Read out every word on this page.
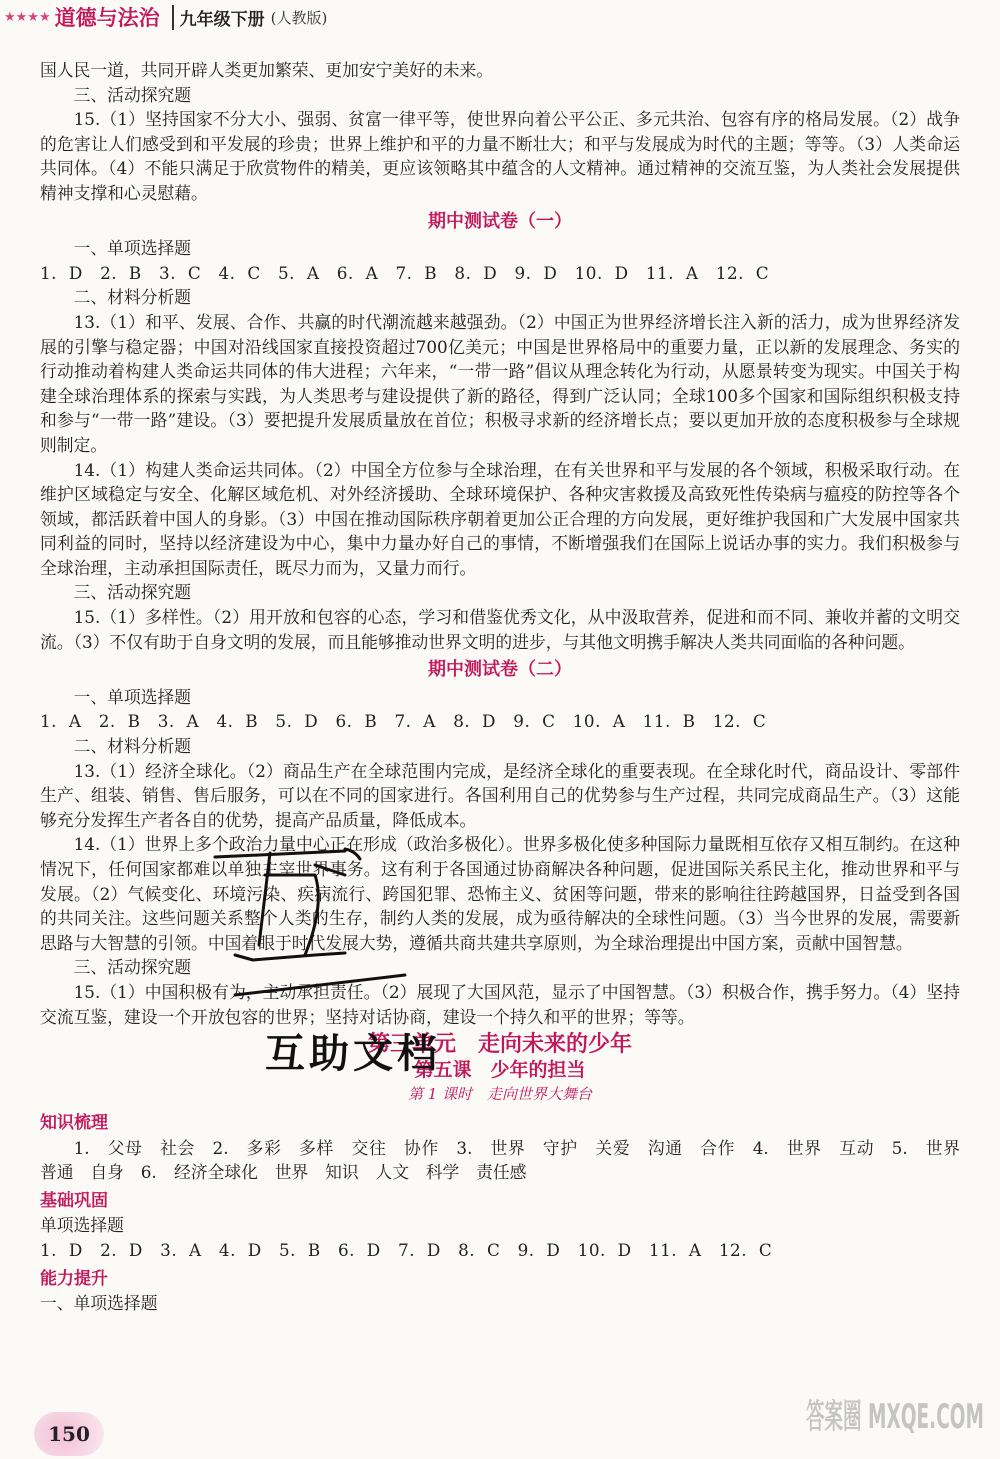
★★★★ 道德与法治	九年级下册 (人教版)

国人民一道，共同开辟人类更加繁荣、更加安宁美好的未来。

三、活动探究题

15.（1）坚持国家不分大小、强弱、贫富一律平等，使世界向着公平公正、多元共治、包容有序的格局发展。（2）战争的危害让人们感受到和平发展的珍贵；世界上维护和平的力量不断壮大；和平与发展成为时代的主题；等等。（3）人类命运共同体。（4）不能只满足于欣赏物件的精美，更应该领略其中蕴含的人文精神。通过精神的交流互鉴，为人类社会发展提供精神支撑和心灵慰藉。

期中测试卷（一）

一、单项选择题

1. D　2. B　3. C　4. C　5. A　6. A　7. B　8. D　9. D　10. D　11. A　12. C

二、材料分析题

13.（1）和平、发展、合作、共赢的时代潮流越来越强劲。（2）中国正为世界经济增长注入新的活力，成为世界经济发展的引擎与稳定器；中国对沿线国家直接投资超过700亿美元；中国是世界格局中的重要力量，正以新的发展理念、务实的行动推动着构建人类命运共同体的伟大进程；六年来，“一带一路”倡议从理念转化为行动，从愿景转变为现实。中国关于构建全球治理体系的探索与实践，为人类思考与建设提供了新的路径，得到广泛认同；全球100多个国家和国际组织积极支持和参与“一带一路”建设。（3）要把提升发展质量放在首位；积极寻求新的经济增长点；要以更加开放的态度积极参与全球规则制定。

14.（1）构建人类命运共同体。（2）中国全方位参与全球治理，在有关世界和平与发展的各个领域，积极采取行动。在维护区域稳定与安全、化解区域危机、对外经济援助、全球环境保护、各种灾害救援及高致死性传染病与瘟疫的防控等各个领域，都活跃着中国人的身影。（3）中国在推动国际秩序朝着更加公正合理的方向发展，更好维护我国和广大发展中国家共同利益的同时，坚持以经济建设为中心，集中力量办好自己的事情，不断增强我们在国际上说话办事的实力。我们积极参与全球治理，主动承担国际责任，既尽力而为，又量力而行。

三、活动探究题

15.（1）多样性。（2）用开放和包容的心态，学习和借鉴优秀文化，从中汲取营养，促进和而不同、兼收并蓄的文明交流。（3）不仅有助于自身文明的发展，而且能够推动世界文明的进步，与其他文明携手解决人类共同面临的各种问题。

期中测试卷（二）

一、单项选择题

1. A　2. B　3. A　4. B　5. D　6. B　7. A　8. D　9. C　10. A　11. B　12. C

二、材料分析题

13.（1）经济全球化。（2）商品生产在全球范围内完成，是经济全球化的重要表现。在全球化时代，商品设计、零部件生产、组装、销售、售后服务，可以在不同的国家进行。各国利用自己的优势参与生产过程，共同完成商品生产。（3）这能够充分发挥生产者各自的优势，提高产品质量，降低成本。

14.（1）世界上多个政治力量中心正在形成（政治多极化）。世界多极化使多种国际力量既相互依存又相互制约。在这种情况下，任何国家都难以单独主宰世界事务。这有利于各国通过协商解决各种问题，促进国际关系民主化，推动世界和平与发展。（2）气候变化、环境污染、疾病流行、跨国犯罪、恐怖主义、贫困等问题，带来的影响往往跨越国界，日益受到各国的共同关注。这些问题关系整个人类的生存，制约人类的发展，成为亟待解决的全球性问题。（3）当今世界的发展，需要新思路与大智慧的引领。中国着眼于时代发展大势，遵循共商共建共享原则，为全球治理提出中国方案，贡献中国智慧。

三、活动探究题

15.（1）中国积极有为，主动承担责任。（2）展现了大国风范，显示了中国智慧。（3）积极合作，携手努力。（4）坚持交流互鉴，建设一个开放包容的世界；坚持对话协商，建设一个持久和平的世界；等等。

第三单元　走向未来的少年
第五课　少年的担当
第 1 课时　走向世界大舞台
知识梳理

1. 父母　社会　2. 多彩　多样　交往　协作　3. 世界　守护　关爱　沟通　合作　4. 世界　互动　5. 世界　普通　自身　6. 经济全球化　世界　知识　人文　科学　责任感

基础巩固

单项选择题

1. D　2. D　3. A　4. D　5. B　6. D　7. D　8. C　9. D　10. D　11. A　12. C

能力提升

一、单项选择题

互助文档
150	答案圈 MXQE.COM
